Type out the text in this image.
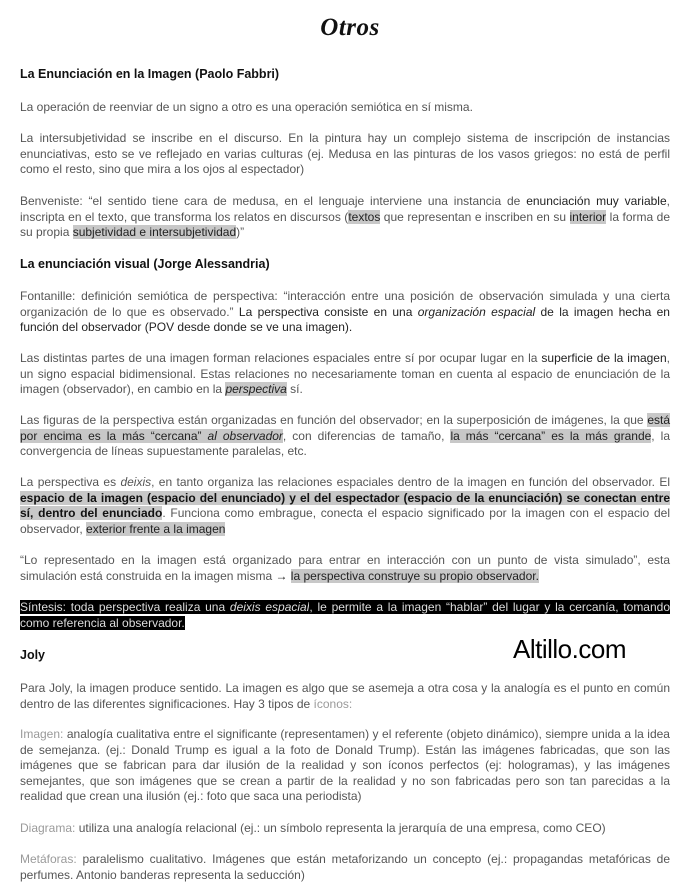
Otros
La Enunciación en la Imagen (Paolo Fabbri)
La operación de reenviar de un signo a otro es una operación semiótica en sí misma.
La intersubjetividad se inscribe en el discurso. En la pintura hay un complejo sistema de inscripción de instancias enunciativas, esto se ve reflejado en varias culturas (ej. Medusa en las pinturas de los vasos griegos: no está de perfil como el resto, sino que mira a los ojos al espectador)
Benveniste: “el sentido tiene cara de medusa, en el lenguaje interviene una instancia de enunciación muy variable, inscripta en el texto, que transforma los relatos en discursos (textos que representan e inscriben en su interior la forma de su propia subjetividad e intersubjetividad)”
La enunciación visual (Jorge Alessandria)
Fontanille: definición semiótica de perspectiva: “interacción entre una posición de observación simulada y una cierta organización de lo que es observado.” La perspectiva consiste en una organización espacial de la imagen hecha en función del observador (POV desde donde se ve una imagen).
Las distintas partes de una imagen forman relaciones espaciales entre sí por ocupar lugar en la superficie de la imagen, un signo espacial bidimensional. Estas relaciones no necesariamente toman en cuenta al espacio de enunciación de la imagen (observador), en cambio en la perspectiva sí.
Las figuras de la perspectiva están organizadas en función del observador; en la superposición de imágenes, la que está por encima es la más “cercana” al observador, con diferencias de tamaño, la más “cercana” es la más grande, la convergencia de líneas supuestamente paralelas, etc.
La perspectiva es deixis, en tanto organiza las relaciones espaciales dentro de la imagen en función del observador. El espacio de la imagen (espacio del enunciado) y el del espectador (espacio de la enunciación) se conectan entre sí, dentro del enunciado. Funciona como embrague, conecta el espacio significado por la imagen con el espacio del observador, exterior frente a la imagen
“Lo representado en la imagen está organizado para entrar en interacción con un punto de vista simulado”, esta simulación está construida en la imagen misma → la perspectiva construye su propio observador.
Síntesis: toda perspectiva realiza una deixis espacial, le permite a la imagen “hablar” del lugar y la cercanía, tomando como referencia al observador.
Joly	Altillo.com
Para Joly, la imagen produce sentido. La imagen es algo que se asemeja a otra cosa y la analogía es el punto en común dentro de las diferentes significaciones. Hay 3 tipos de íconos:
Imagen: analogía cualitativa entre el significante (representamen) y el referente (objeto dinámico), siempre unida a la idea de semejanza. (ej.: Donald Trump es igual a la foto de Donald Trump). Están las imágenes fabricadas, que son las imágenes que se fabrican para dar ilusión de la realidad y son íconos perfectos (ej: hologramas), y las imágenes semejantes, que son imágenes que se crean a partir de la realidad y no son fabricadas pero son tan parecidas a la realidad que crean una ilusión (ej.: foto que saca una periodista)
Diagrama: utiliza una analogía relacional (ej.: un símbolo representa la jerarquía de una empresa, como CEO)
Metáforas: paralelismo cualitativo. Imágenes que están metaforizando un concepto (ej.: propagandas metafóricas de perfumes. Antonio banderas representa la seducción)
